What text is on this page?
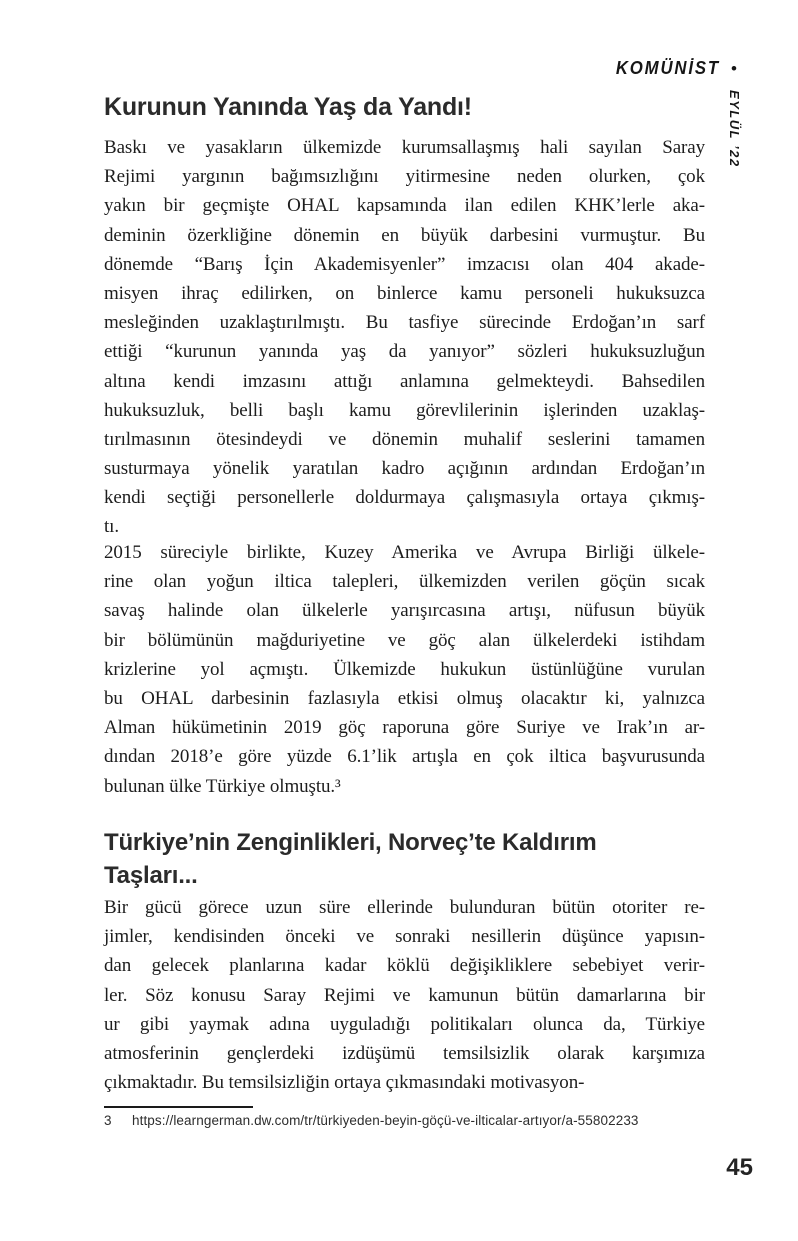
KOMÜNİST •
EYLÜL ’22
Kurunun Yanında Yaş da Yandı!
Baskı ve yasakların ülkemizde kurumsallaşmış hali sayılan Saray
Rejimi yargının bağımsızlığını yitirmesine neden olurken, çok
yakın bir geçmişte OHAL kapsamında ilan edilen KHK’lerle aka-
deminin özerkliğine dönemin en büyük darbesini vurmuştur. Bu
dönemde “Barış İçin Akademisyenler” imzacısı olan 404 akade-
misyen ihraç edilirken, on binlerce kamu personeli hukuksuzca
mesleğinden uzaklaştırılmıştı. Bu tasfiye sürecinde Erdoğan’ın sarf
ettiği “kurunun yanında yaş da yanıyor” sözleri hukuksuzluğun
altına kendi imzasını attığı anlamına gelmekteydi. Bahsedilen
hukuksuzluk, belli başlı kamu görevlilerinin işlerinden uzaklaş-
tırılmasının ötesindeydi ve dönemin muhalif seslerini tamamen
susturmaya yönelik yaratılan kadro açığının ardından Erdoğan’ın
kendi seçtiği personellerle doldurmaya çalışmasıyla ortaya çıkmış-
tı.
2015 süreciyle birlikte, Kuzey Amerika ve Avrupa Birliği ülkele-
rine olan yoğun iltica talepleri, ülkemizden verilen göçün sıcak
savaş halinde olan ülkelerle yarışırcasına artışı, nüfusun büyük
bir bölümünün mağduriyetine ve göç alan ülkelerdeki istihdam
krizlerine yol açmıştı. Ülkemizde hukukun üstünlüğüne vurulan
bu OHAL darbesinin fazlasıyla etkisi olmuş olacaktır ki, yalnızca
Alman hükümetinin 2019 göç raporuna göre Suriye ve Irak’ın ar-
dından 2018’e göre yüzde 6.1’lik artışla en çok iltica başvurusunda
bulunan ülke Türkiye olmuştu.³
Türkiye’nin Zenginlikleri, Norveç’te Kaldırım
Taşları...
Bir gücü görece uzun süre ellerinde bulunduran bütün otoriter re-
jimler, kendisinden önceki ve sonraki nesillerin düşünce yapısın-
dan gelecek planlarına kadar köklü değişikliklere sebebiyet verir-
ler. Söz konusu Saray Rejimi ve kamunun bütün damarlarına bir
ur gibi yaymak adına uyguladığı politikaları olunca da, Türkiye
atmosferinin gençlerdeki izdüşümü temsilsizlik olarak karşımıza
çıkmaktadır. Bu temsilsizliğin ortaya çıkmasındaki motivasyon-
3	https://learngerman.dw.com/tr/türkiyeden-beyin-göçü-ve-ilticalar-artıyor/a-55802233
45
